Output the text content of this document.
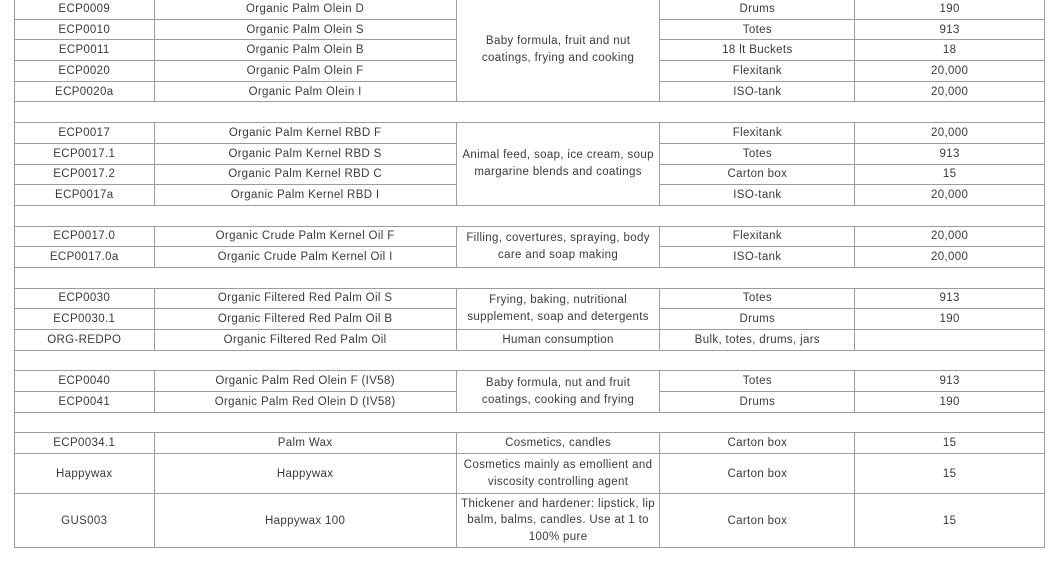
ECP0009	Organic Palm Olein D	Baby formula, fruit and nut coatings, frying and cooking	Drums	190
ECP0010	Organic Palm Olein S		Totes	913
ECP0011	Organic Palm Olein B		18 lt Buckets	18
ECP0020	Organic Palm Olein F		Flexitank	20,000
ECP0020a	Organic Palm Olein I		ISO-tank	20,000

ECP0017	Organic Palm Kernel RBD F	Animal feed, soap, ice cream, soup margarine blends and coatings	Flexitank	20,000
ECP0017.1	Organic Palm Kernel RBD S		Totes	913
ECP0017.2	Organic Palm Kernel RBD C		Carton box	15
ECP0017a	Organic Palm Kernel RBD I		ISO-tank	20,000

ECP0017.0	Organic Crude Palm Kernel Oil F	Filling, covertures, spraying, body care and soap making	Flexitank	20,000
ECP0017.0a	Organic Crude Palm Kernel Oil I		ISO-tank	20,000

ECP0030	Organic Filtered Red Palm Oil S	Frying, baking, nutritional supplement, soap and detergents	Totes	913
ECP0030.1	Organic Filtered Red Palm Oil B		Drums	190
ORG-REDPO	Organic Filtered Red Palm Oil	Human consumption	Bulk, totes, drums, jars	

ECP0040	Organic Palm Red Olein F (IV58)	Baby formula, nut and fruit coatings, cooking and frying	Totes	913
ECP0041	Organic Palm Red Olein D (IV58)		Drums	190

ECP0034.1	Palm Wax	Cosmetics, candles	Carton box	15
Happywax	Happywax	Cosmetics mainly as emollient and viscosity controlling agent	Carton box	15
GUS003	Happywax 100	Thickener and hardener: lipstick, lip balm, balms, candles. Use at 1 to 100% pure	Carton box	15
